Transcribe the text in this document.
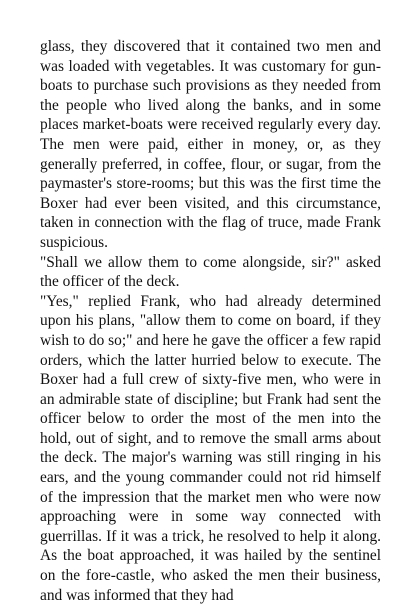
glass, they discovered that it contained two men and was loaded with vegetables. It was customary for gun-boats to purchase such provisions as they needed from the people who lived along the banks, and in some places market-boats were received regularly every day. The men were paid, either in money, or, as they generally preferred, in coffee, flour, or sugar, from the paymaster's store-rooms; but this was the first time the Boxer had ever been visited, and this circumstance, taken in connection with the flag of truce, made Frank suspicious.

"Shall we allow them to come alongside, sir?" asked the officer of the deck.

"Yes," replied Frank, who had already determined upon his plans, "allow them to come on board, if they wish to do so;" and here he gave the officer a few rapid orders, which the latter hurried below to execute. The Boxer had a full crew of sixty-five men, who were in an admirable state of discipline; but Frank had sent the officer below to order the most of the men into the hold, out of sight, and to remove the small arms about the deck. The major's warning was still ringing in his ears, and the young commander could not rid himself of the impression that the market men who were now approaching were in some way connected with guerrillas. If it was a trick, he resolved to help it along. As the boat approached, it was hailed by the sentinel on the fore-castle, who asked the men their business, and was informed that they had
